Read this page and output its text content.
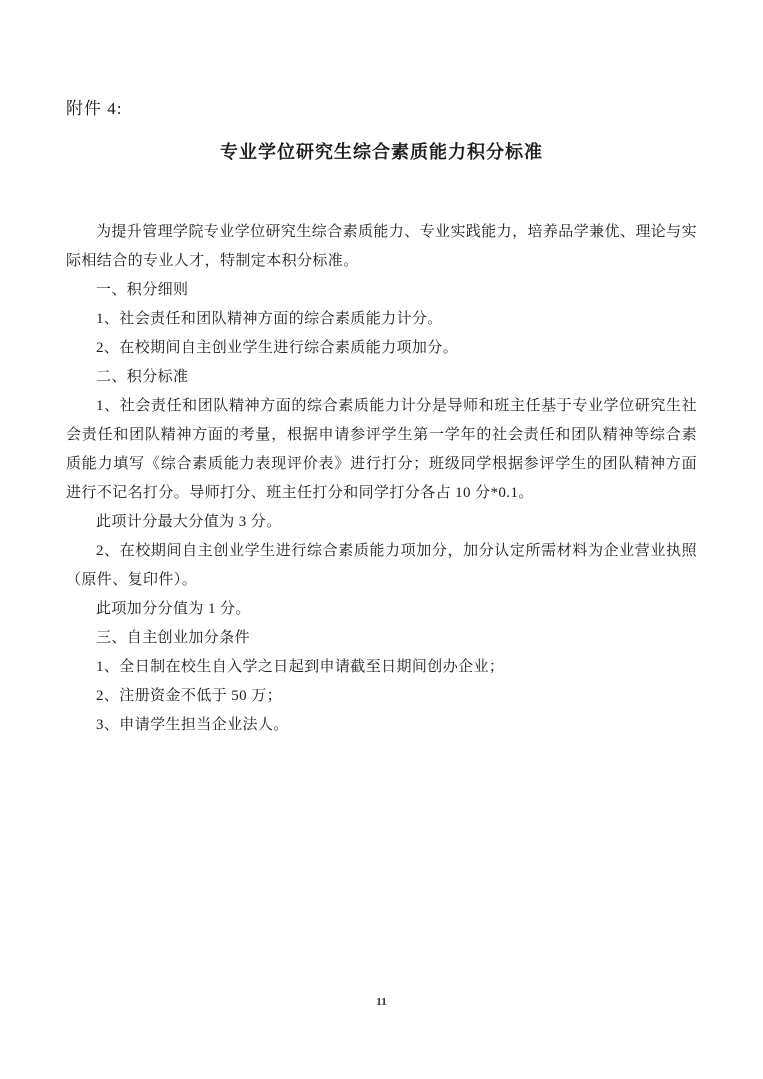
附件 4:

专业学位研究生综合素质能力积分标准

为提升管理学院专业学位研究生综合素质能力、专业实践能力，培养品学兼优、理论与实际相结合的专业人才，特制定本积分标准。

一、积分细则

1、社会责任和团队精神方面的综合素质能力计分。

2、在校期间自主创业学生进行综合素质能力项加分。

二、积分标准

1、社会责任和团队精神方面的综合素质能力计分是导师和班主任基于专业学位研究生社会责任和团队精神方面的考量，根据申请参评学生第一学年的社会责任和团队精神等综合素质能力填写《综合素质能力表现评价表》进行打分；班级同学根据参评学生的团队精神方面进行不记名打分。导师打分、班主任打分和同学打分各占 10 分*0.1。

此项计分最大分值为 3 分。

2、在校期间自主创业学生进行综合素质能力项加分，加分认定所需材料为企业营业执照（原件、复印件）。

此项加分分值为 1 分。

三、自主创业加分条件

1、全日制在校生自入学之日起到申请截至日期间创办企业；

2、注册资金不低于 50 万；

3、申请学生担当企业法人。

11
